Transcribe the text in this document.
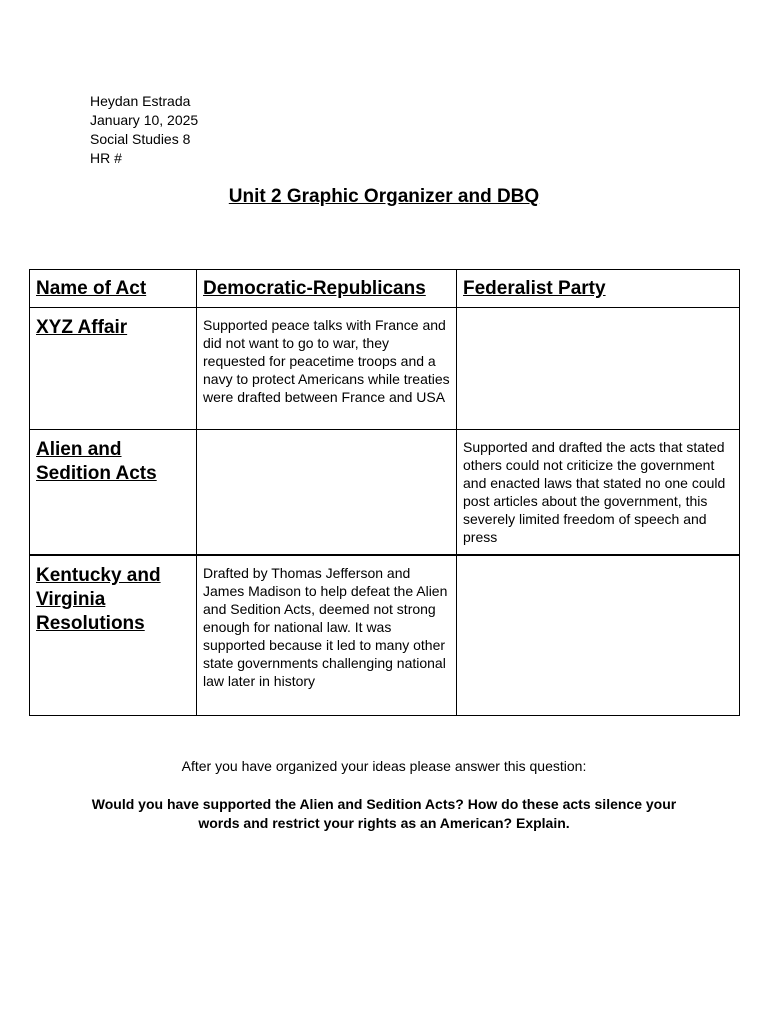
Heydan Estrada
January 10, 2025
Social Studies 8
HR #
Unit 2 Graphic Organizer and DBQ
Name of Act	Democratic-Republicans	Federalist Party
XYZ Affair	Supported peace talks with France and did not want to go to war, they requested for peacetime troops and a navy to protect Americans while treaties were drafted between France and USA	
Alien and Sedition Acts		Supported and drafted the acts that stated others could not criticize the government and enacted laws that stated no one could post articles about the government, this severely limited freedom of speech and press
Kentucky and Virginia Resolutions	Drafted by Thomas Jefferson and James Madison to help defeat the Alien and Sedition Acts, deemed not strong enough for national law. It was supported because it led to many other state governments challenging national law later in history	
After you have organized your ideas please answer this question:
Would you have supported the Alien and Sedition Acts? How do these acts silence your words and restrict your rights as an American? Explain.
